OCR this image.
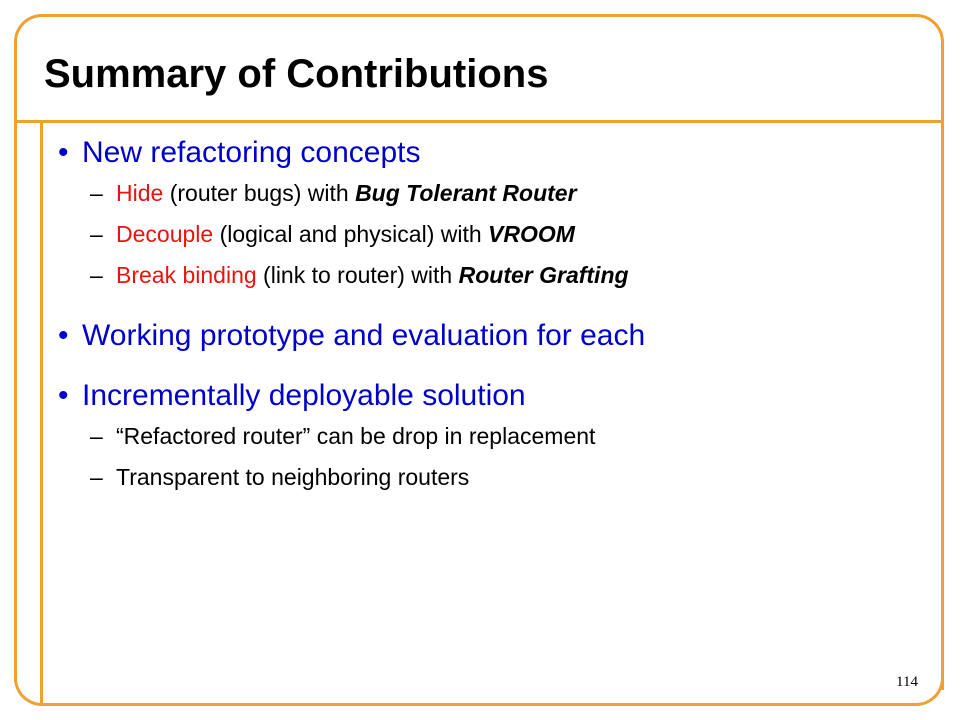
Summary of Contributions
• New refactoring concepts
– Hide (router bugs) with Bug Tolerant Router
– Decouple (logical and physical) with VROOM
– Break binding (link to router) with Router Grafting
• Working prototype and evaluation for each
• Incrementally deployable solution
– “Refactored router” can be drop in replacement
– Transparent to neighboring routers
114
